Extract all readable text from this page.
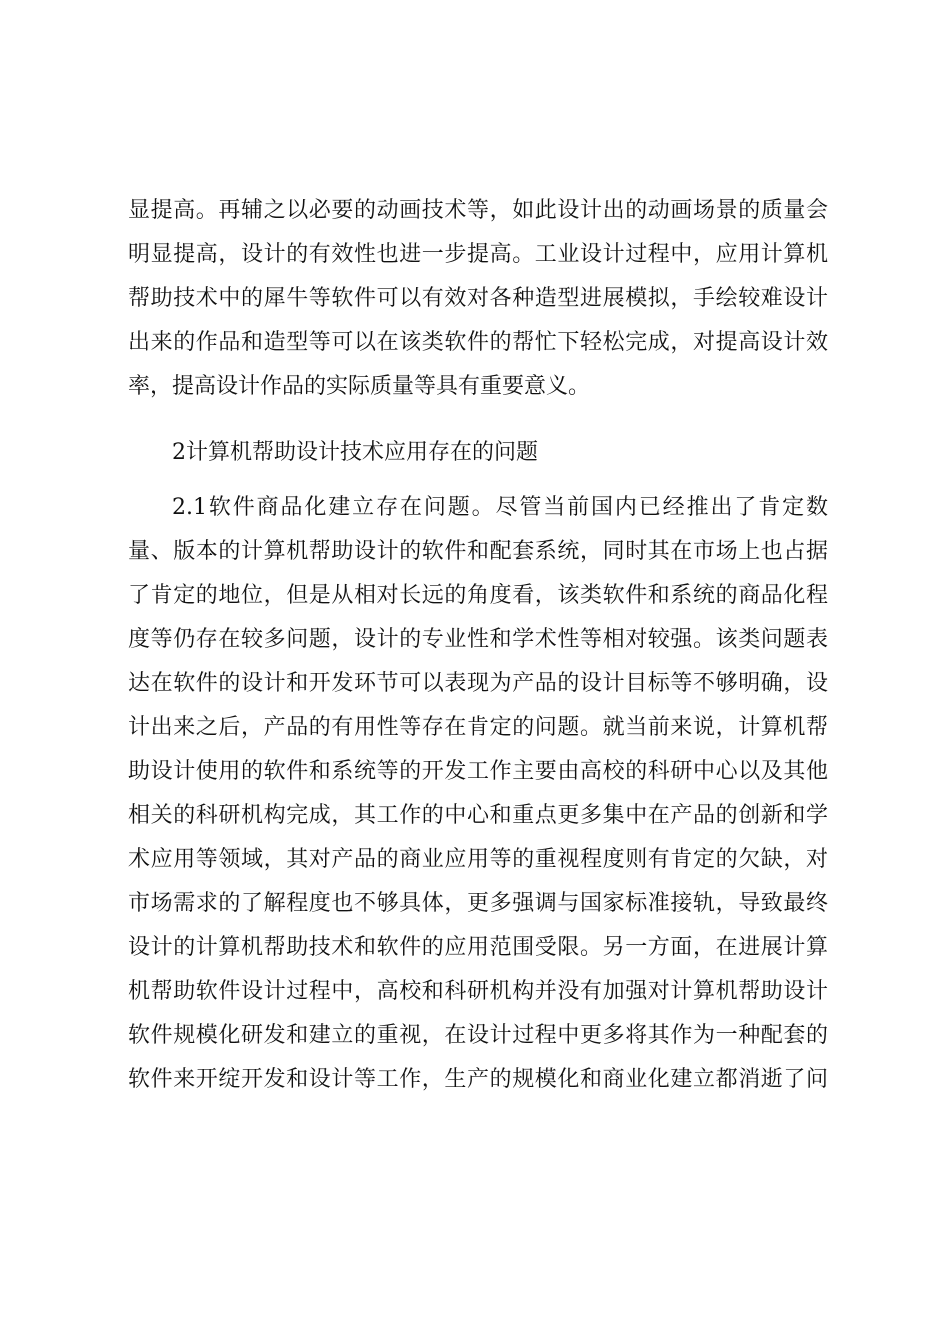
显提高。再辅之以必要的动画技术等，如此设计出的动画场景的质量会
明显提高，设计的有效性也进一步提高。工业设计过程中，应用计算机
帮助技术中的犀牛等软件可以有效对各种造型进展模拟，手绘较难设计
出来的作品和造型等可以在该类软件的帮忙下轻松完成，对提高设计效
率，提高设计作品的实际质量等具有重要意义。
2计算机帮助设计技术应用存在的问题
2.1软件商品化建立存在问题。尽管当前国内已经推出了肯定数
量、版本的计算机帮助设计的软件和配套系统，同时其在市场上也占据
了肯定的地位，但是从相对长远的角度看，该类软件和系统的商品化程
度等仍存在较多问题，设计的专业性和学术性等相对较强。该类问题表
达在软件的设计和开发环节可以表现为产品的设计目标等不够明确，设
计出来之后，产品的有用性等存在肯定的问题。就当前来说，计算机帮
助设计使用的软件和系统等的开发工作主要由高校的科研中心以及其他
相关的科研机构完成，其工作的中心和重点更多集中在产品的创新和学
术应用等领域，其对产品的商业应用等的重视程度则有肯定的欠缺，对
市场需求的了解程度也不够具体，更多强调与国家标准接轨，导致最终
设计的计算机帮助技术和软件的应用范围受限。另一方面，在进展计算
机帮助软件设计过程中，高校和科研机构并没有加强对计算机帮助设计
软件规模化研发和建立的重视，在设计过程中更多将其作为一种配套的
软件来开绽开发和设计等工作，生产的规模化和商业化建立都消逝了问
